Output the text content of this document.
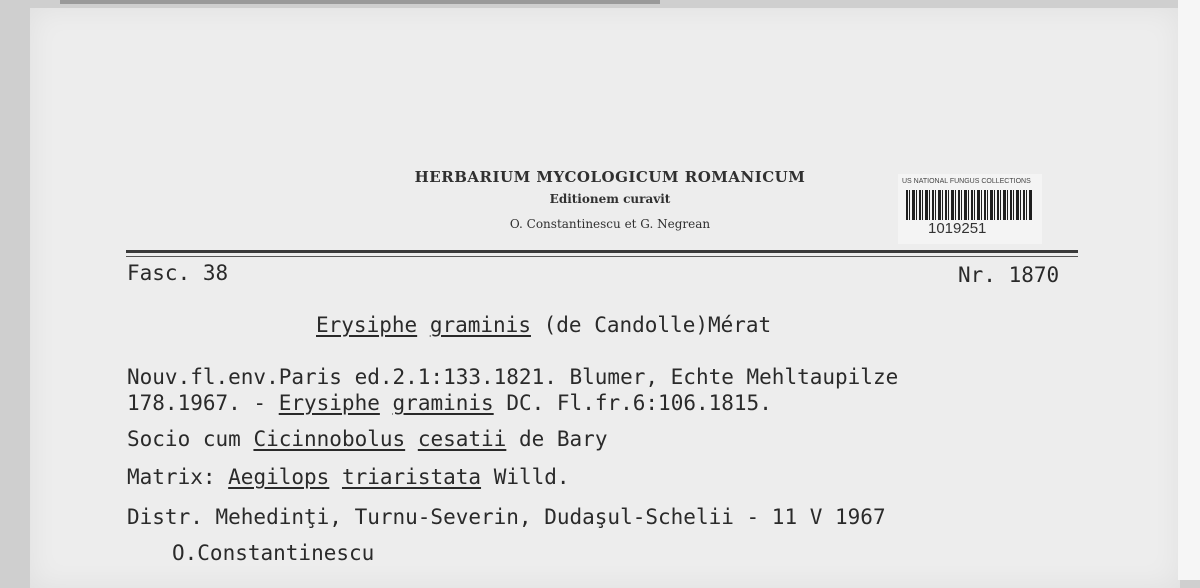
HERBARIUM MYCOLOGICUM ROMANICUM
Editionem curavit
O. Constantinescu et G. Negrean
US NATIONAL FUNGUS COLLECTIONS
1019251
Fasc. 38	Nr. 1870
Erysiphe graminis (de Candolle)Mérat
Nouv.fl.env.Paris ed.2.1:133.1821. Blumer, Echte Mehltaupilze
178.1967. - Erysiphe graminis DC. Fl.fr.6:106.1815.
Socio cum Cicinnobolus cesatii de Bary
Matrix: Aegilops triaristata Willd.
Distr. Mehedinţi, Turnu-Severin, Dudaşul-Schelii - 11 V 1967
O.Constantinescu
